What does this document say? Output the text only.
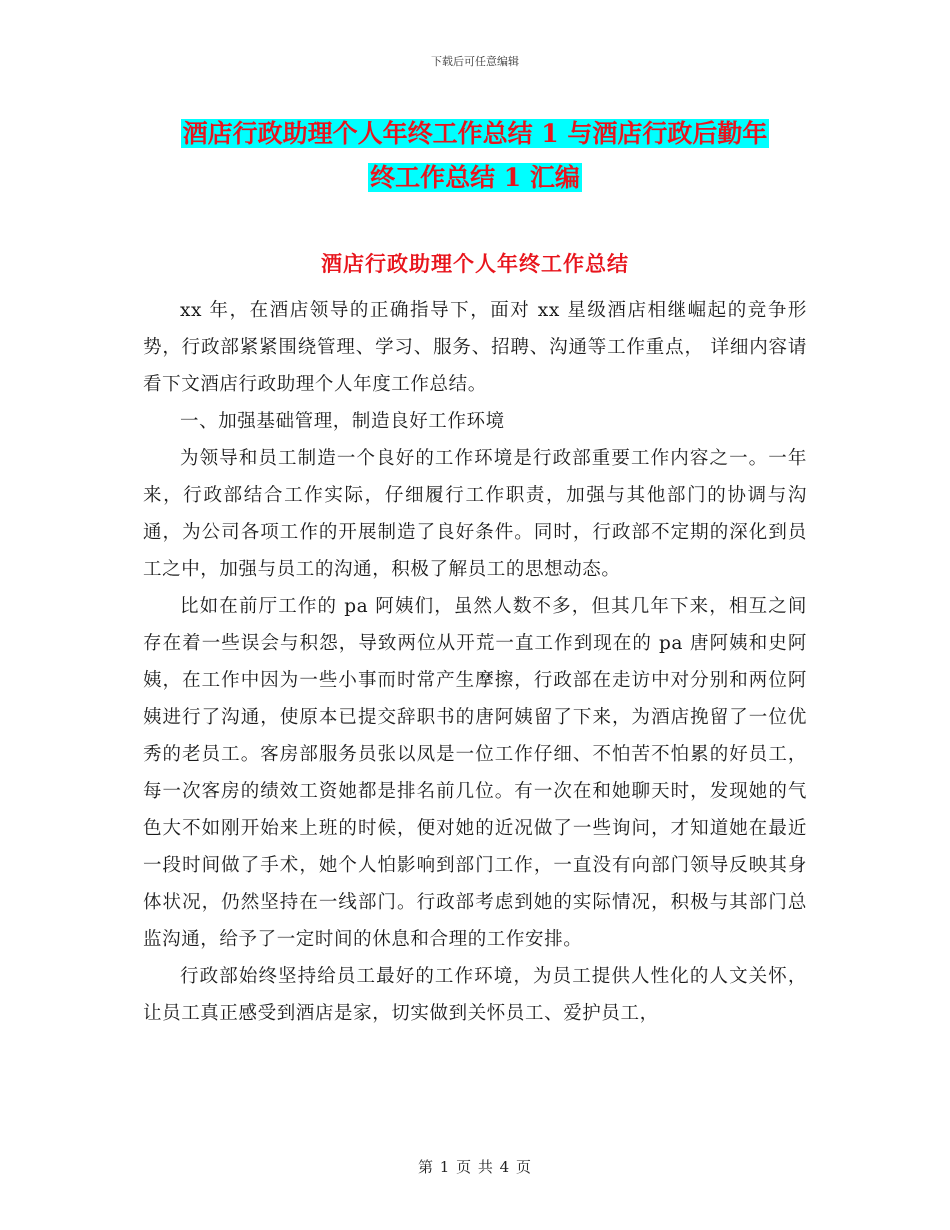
下载后可任意编辑
酒店行政助理个人年终工作总结 1 与酒店行政后勤年
终工作总结 1 汇编
酒店行政助理个人年终工作总结

xx 年，在酒店领导的正确指导下，面对 xx 星级酒店相继崛起的竞争形势，行政部紧紧围绕管理、学习、服务、招聘、沟通等工作重点， 详细内容请看下文酒店行政助理个人年度工作总结。

一、加强基础管理，制造良好工作环境

为领导和员工制造一个良好的工作环境是行政部重要工作内容之一。一年来，行政部结合工作实际，仔细履行工作职责，加强与其他部门的协调与沟通，为公司各项工作的开展制造了良好条件。同时，行政部不定期的深化到员工之中，加强与员工的沟通，积极了解员工的思想动态。

比如在前厅工作的 pa 阿姨们，虽然人数不多，但其几年下来，相互之间存在着一些误会与积怨，导致两位从开荒一直工作到现在的 pa 唐阿姨和史阿姨，在工作中因为一些小事而时常产生摩擦，行政部在走访中对分别和两位阿姨进行了沟通，使原本已提交辞职书的唐阿姨留了下来，为酒店挽留了一位优秀的老员工。客房部服务员张以凤是一位工作仔细、不怕苦不怕累的好员工，每一次客房的绩效工资她都是排名前几位。有一次在和她聊天时，发现她的气色大不如刚开始来上班的时候，便对她的近况做了一些询问，才知道她在最近一段时间做了手术，她个人怕影响到部门工作，一直没有向部门领导反映其身体状况，仍然坚持在一线部门。行政部考虑到她的实际情况，积极与其部门总监沟通，给予了一定时间的休息和合理的工作安排。

行政部始终坚持给员工最好的工作环境，为员工提供人性化的人文关怀，让员工真正感受到酒店是家，切实做到关怀员工、爱护员工，

第 1 页 共 4 页
